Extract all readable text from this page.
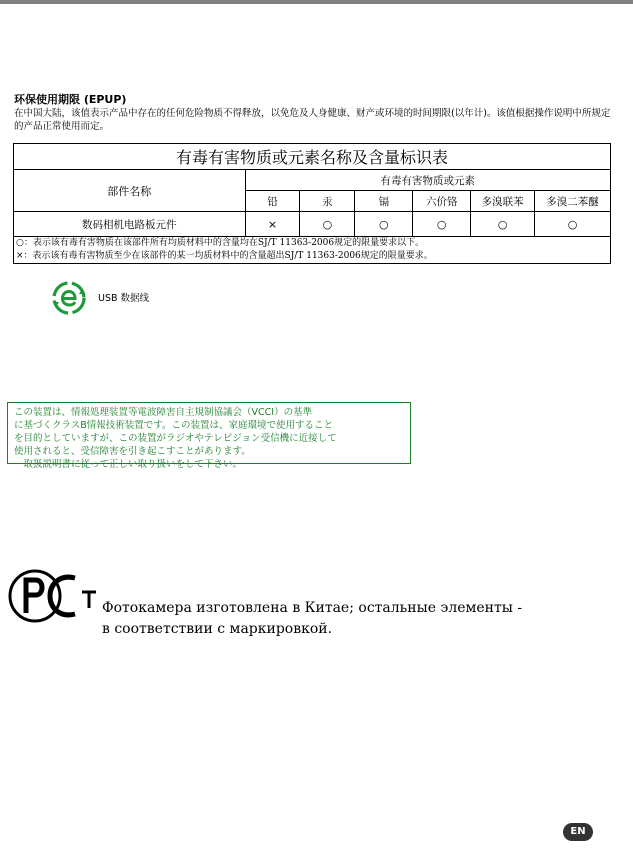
环保使用期限 (EPUP)
在中国大陆，该值表示产品中存在的任何危险物质不得释放，以免危及人身健康、财产或环境的时间期限(以年计)。该值根据操作说明中所规定的产品正常使用而定。
有毒有害物质或元素名称及含量标识表						
部件名称	有毒有害物质或元素					
	铅	汞	镉	六价铬	多溴联苯	多溴二苯醚
数码相机电路板元件	×	○	○	○	○	○

○：表示该有毒有害物质在该部件所有均质材料中的含量均在SJ/T 11363-2006规定的限量要求以下。
×：表示该有毒有害物质至少在该部件的某一均质材料中的含量超出SJ/T 11363-2006规定的限量要求。						
USB 数据线
この装置は、情報処理装置等電波障害自主規制協議会（VCCI）の基準
に基づくクラスB情報技術装置です。この装置は、家庭環境で使用すること
を目的としていますが、この装置がラジオやテレビジョン受信機に近接して
使用されると、受信障害を引き起こすことがあります。
　取扱説明書に従って正しい取り扱いをして下さい。
Фотокамера изготовлена в Китае; остальные элементы -
в соответствии с маркировкой.
EN
